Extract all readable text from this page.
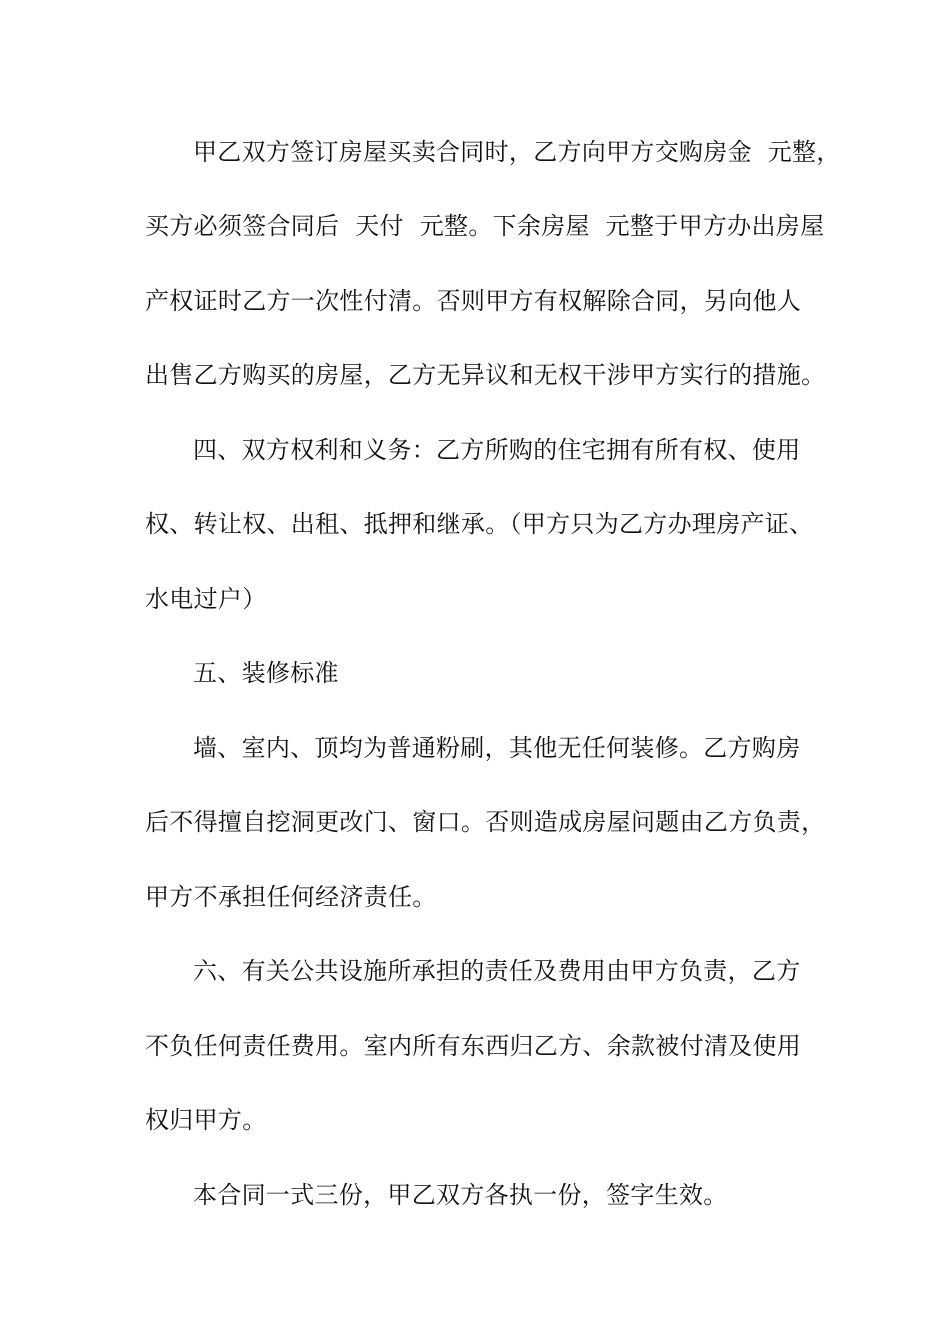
甲乙双方签订房屋买卖合同时，乙方向甲方交购房金  元整，
买方必须签合同后  天付  元整。下余房屋  元整于甲方办出房屋
产权证时乙方一次性付清。否则甲方有权解除合同，另向他人
出售乙方购买的房屋，乙方无异议和无权干涉甲方实行的措施。
四、双方权利和义务：乙方所购的住宅拥有所有权、使用
权、转让权、出租、抵押和继承。（甲方只为乙方办理房产证、
水电过户）
五、装修标准
墙、室内、顶均为普通粉刷，其他无任何装修。乙方购房
后不得擅自挖洞更改门、窗口。否则造成房屋问题由乙方负责，
甲方不承担任何经济责任。
六、有关公共设施所承担的责任及费用由甲方负责，乙方
不负任何责任费用。室内所有东西归乙方、余款被付清及使用
权归甲方。
本合同一式三份，甲乙双方各执一份，签字生效。
